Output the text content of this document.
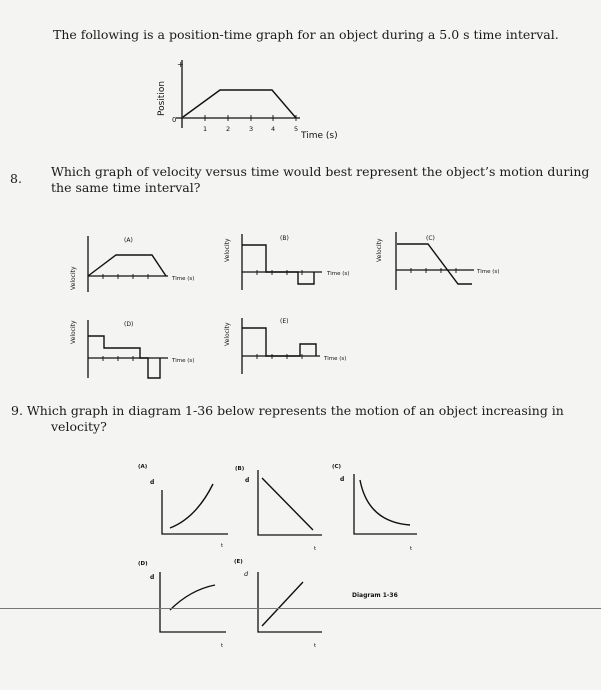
The following is a position-time graph for an object during a 5.0 s time interval.
+
0
Position
1	2	3	4	5
Time (s)
8. Which graph of velocity versus time would best represent the object’s motion during
the same time interval?
(A)
Velocity	Time (s)
(B)
Velocity
Time (s)
(C)
Velocity
Time (s)
(D)
Velocity
Time (s)
(E)
Velocity
Time (s)
9. Which graph in diagram 1-36 below represents the motion of an object increasing in
velocity?
(A)
d
t
(B)
d
t
(C)
d
t
(D)
d
t
(E)
d
t
Diagram 1-36
